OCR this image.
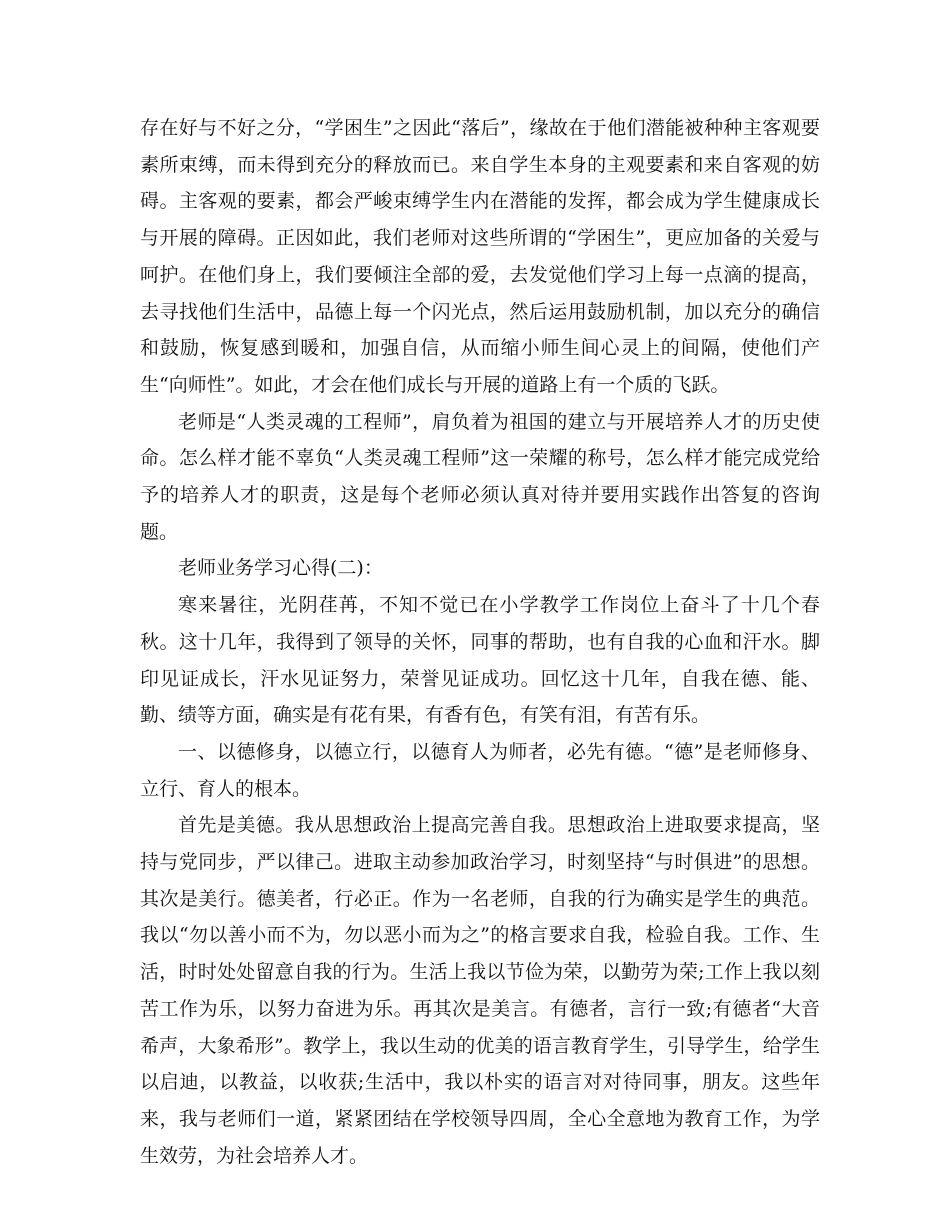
存在好与不好之分，“学困生”之因此“落后”，缘故在于他们潜能被种种主客观要素所束缚，而未得到充分的释放而已。来自学生本身的主观要素和来自客观的妨碍。主客观的要素，都会严峻束缚学生内在潜能的发挥，都会成为学生健康成长与开展的障碍。正因如此，我们老师对这些所谓的“学困生”，更应加备的关爱与呵护。在他们身上，我们要倾注全部的爱，去发觉他们学习上每一点滴的提高，去寻找他们生活中，品德上每一个闪光点，然后运用鼓励机制，加以充分的确信和鼓励，恢复感到暖和，加强自信，从而缩小师生间心灵上的间隔，使他们产生“向师性”。如此，才会在他们成长与开展的道路上有一个质的飞跃。

老师是“人类灵魂的工程师”，肩负着为祖国的建立与开展培养人才的历史使命。怎么样才能不辜负“人类灵魂工程师”这一荣耀的称号，怎么样才能完成党给予的培养人才的职责，这是每个老师必须认真对待并要用实践作出答复的咨询题。

老师业务学习心得(二)：

寒来暑往，光阴荏苒，不知不觉已在小学教学工作岗位上奋斗了十几个春秋。这十几年，我得到了领导的关怀，同事的帮助，也有自我的心血和汗水。脚印见证成长，汗水见证努力，荣誉见证成功。回忆这十几年，自我在德、能、勤、绩等方面，确实是有花有果，有香有色，有笑有泪，有苦有乐。

一、以德修身，以德立行，以德育人为师者，必先有德。“德”是老师修身、立行、育人的根本。

首先是美德。我从思想政治上提高完善自我。思想政治上进取要求提高，坚持与党同步，严以律己。进取主动参加政治学习，时刻坚持“与时俱进”的思想。其次是美行。德美者，行必正。作为一名老师，自我的行为确实是学生的典范。我以“勿以善小而不为，勿以恶小而为之”的格言要求自我，检验自我。工作、生活，时时处处留意自我的行为。生活上我以节俭为荣，以勤劳为荣;工作上我以刻苦工作为乐，以努力奋进为乐。再其次是美言。有德者，言行一致;有德者“大音希声，大象希形”。教学上，我以生动的优美的语言教育学生，引导学生，给学生以启迪，以教益，以收获;生活中，我以朴实的语言对对待同事，朋友。这些年来，我与老师们一道，紧紧团结在学校领导四周，全心全意地为教育工作，为学生效劳，为社会培养人才。
